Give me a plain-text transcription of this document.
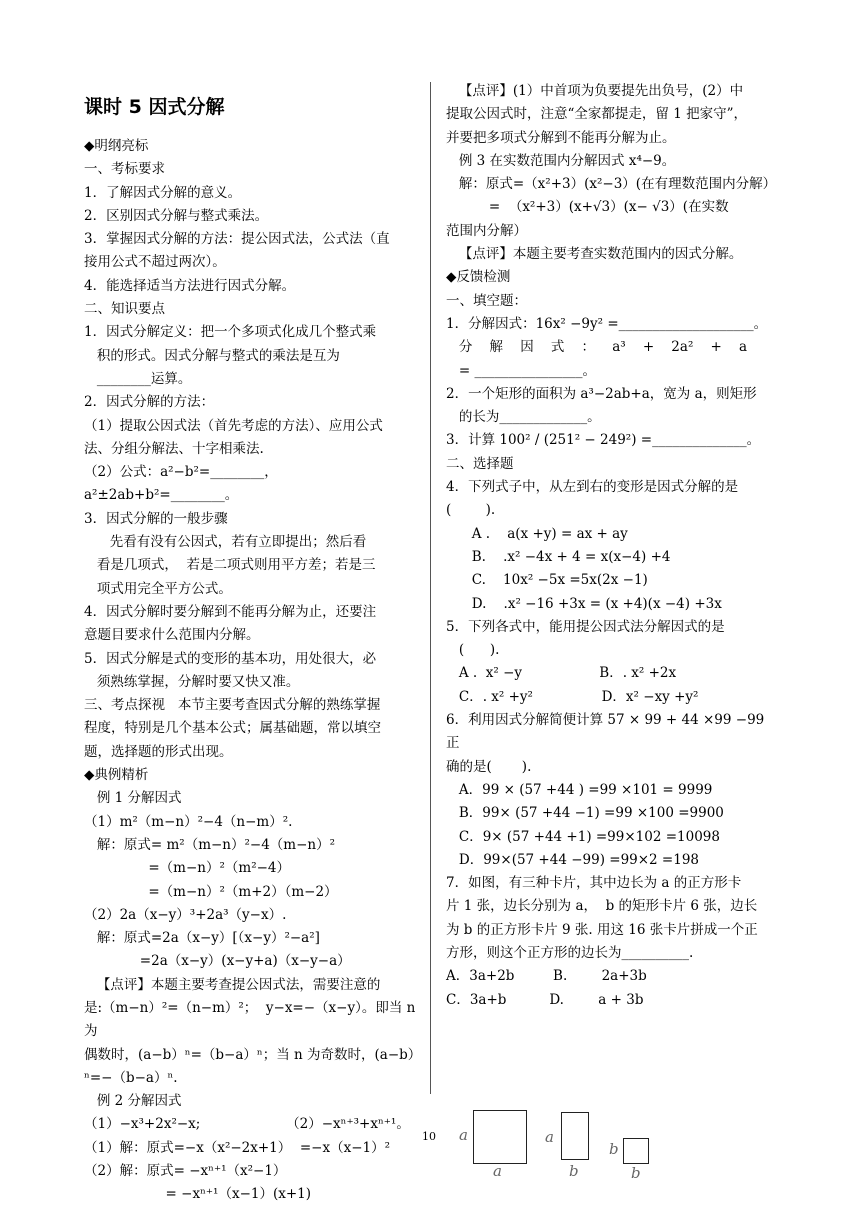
课时 5 因式分解
◆明纲亮标
一、考标要求
1．了解因式分解的意义。
2．区别因式分解与整式乘法。
3．掌握因式分解的方法：提公因式法，公式法（直
接用公式不超过两次）。
4．能选择适当方法进行因式分解。
二、知识要点
1．因式分解定义：把一个多项式化成几个整式乘
积的形式。因式分解与整式的乘法是互为
________运算。
2．因式分解的方法：
（1）提取公因式法（首先考虑的方法）、应用公式
法、分组分解法、十字相乘法.
（2）公式：a²−b²=________，a²±2ab+b²=________。
3．因式分解的一般步骤
先看有没有公因式，若有立即提出；然后看
看是几项式，  若是二项式则用平方差；若是三
项式用完全平方公式。
4．因式分解时要分解到不能再分解为止，还要注
意题目要求什么范围内分解。
5．因式分解是式的变形的基本功，用处很大，必
须熟练掌握，分解时要又快又准。
三、考点探视   本节主要考查因式分解的熟练掌握
程度，特别是几个基本公式；属基础题，常以填空
题，选择题的形式出现。
◆典例精析
例 1 分解因式
（1）m²（m−n）²−4（n−m）².
解：原式= m²（m−n）²−4（m−n）²
=（m−n）²（m²−4）
=（m−n）²（m+2）（m−2）
（2）2a（x−y）³+2a³（y−x）.
解：原式=2a（x−y）[（x−y）²−a²]
=2a（x−y）(x−y+a)（x−y−a）
【点评】本题主要考查提公因式法，需要注意的
是:（m−n）²=（n−m）²；  y−x=−（x−y）。即当 n 为
偶数时，(a−b）ⁿ=（b−a）ⁿ；当 n 为奇数时，(a−b）
ⁿ=−（b−a）ⁿ.
例 2 分解因式
（1）−x³+2x²−x;                    （2）−xⁿ⁺³+xⁿ⁺¹。
（1）解：原式=−x（x²−2x+1）  =−x（x−1）²
（2）解：原式= −xⁿ⁺¹（x²−1）
= −xⁿ⁺¹（x−1）(x+1)
【点评】(1）中首项为负要提先出负号，(2）中
提取公因式时，注意“全家都提走，留 1 把家守”，
并要把多项式分解到不能再分解为止。
例 3 在实数范围内分解因式 x⁴−9。
解：原式=（x²+3）(x²−3）(在有理数范围内分解）
=  （x²+3）(x+√3）(x− √3）(在实数
范围内分解）
【点评】本题主要考查实数范围内的因式分解。
◆反馈检测
一、填空题：
1．分解因式：16x² −9y² =____________________。
分    解    因    式    ：    a³    +    2a²    +    a
= ________________。
2．一个矩形的面积为 a³−2ab+a，宽为 a，则矩形
的长为_____________。
3．计算 100² / (251² − 249²) =______________。
二、选择题
4．下列式子中，从左到右的变形是因式分解的是
(        ).
A .    a(x +y) = ax + ay
B.    .x² −4x + 4 = x(x−4) +4
C.    10x² −5x =5x(2x −1)
D.    .x² −16 +3x = (x +4)(x −4) +3x
5．下列各式中，能用提公因式法分解因式的是
(      ).
A .  x² −y                  B．. x² +2x
C．. x² +y²                D．x² −xy +y²
6．利用因式分解简便计算 57 × 99 + 44 ×99 −99 正
确的是(       ).
A．99 × (57 +44 ) =99 ×101 = 9999
B．99× (57 +44 −1) =99 ×100 =9900
C．9× (57 +44 +1) =99×102 =10098
D．99×(57 +44 −99) =99×2 =198
7．如图，有三种卡片，其中边长为 a 的正方形卡
片 1 张，边长分别为 a，  b 的矩形卡片 6 张，边长
为 b 的正方形卡片 9 张. 用这 16 张卡片拼成一个正
方形，则这个正方形的边长为__________.
A．3a+2b         B.        2a+3b
C．3a+b          D.        a + 3b
10 a
a
a
b
b
b
